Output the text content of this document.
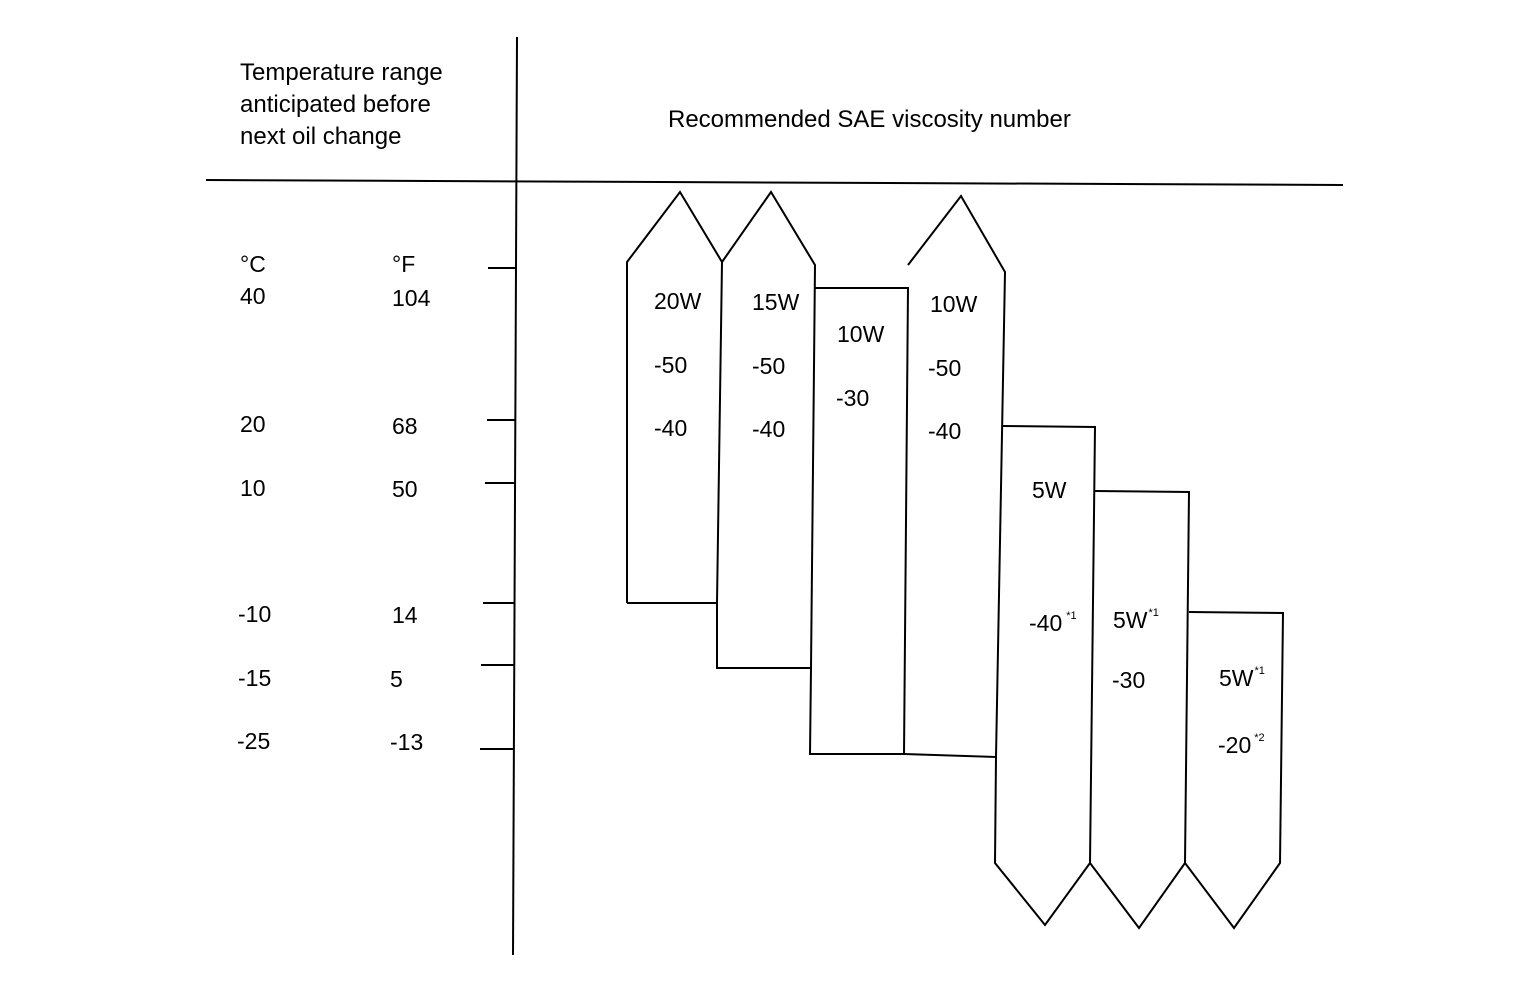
Temperature range
anticipated before
next oil change
Recommended SAE viscosity number
°C	°F
40	104
20	68
10	50
-10	14
-15	5
-25	-13
20W
-50
-40
15W
-50
-40
10W
-30
10W
-50
-40
5W
-40 $^{*1}$ $5W^{*1}$
-30	$5W^{*1}$
-20 $^{*2}$
